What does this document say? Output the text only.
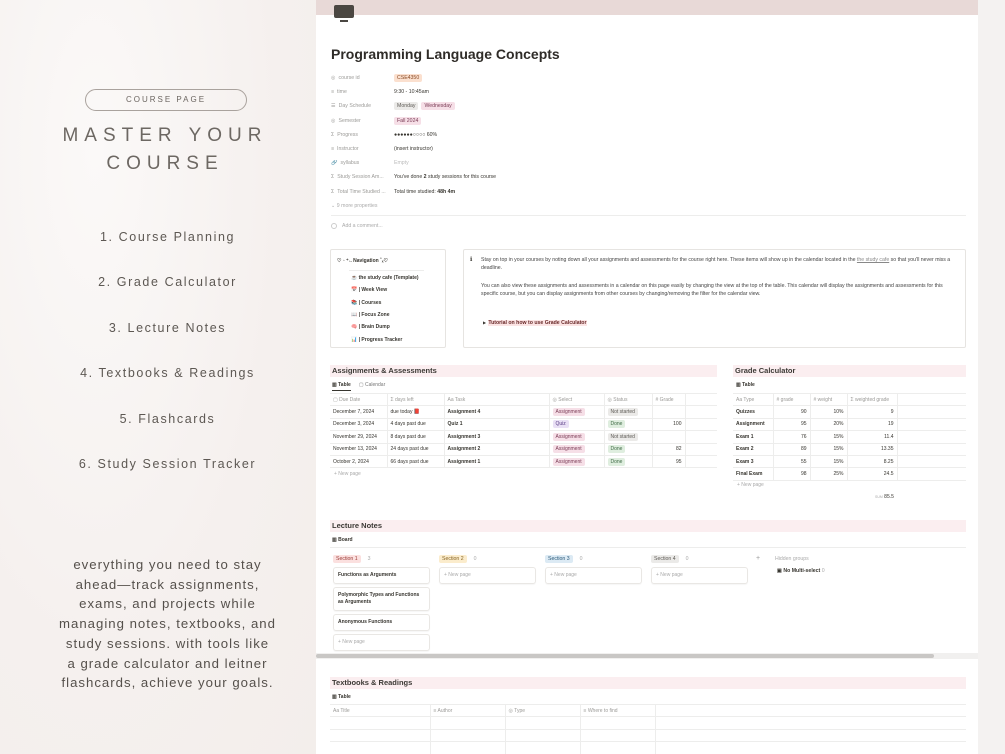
COURSE PAGE
MASTER YOUR
COURSE
1. Course Planning
2. Grade Calculator
3. Lecture Notes
4. Textbooks & Readings
5. Flashcards
6. Study Session Tracker
everything you need to stay
ahead—track assignments,
exams, and projects while
managing notes, textbooks, and
study sessions. with tools like
a grade calculator and leitner
flashcards, achieve your goals.
Programming Language Concepts
◎ course id	CSE4350
≡ time	9:30 - 10:45am
☰ Day Schedule	Monday Wednesday
◎ Semester	Fall 2024
Σ Progress	●●●●●●○○○○ 60%
≡ Instructor	(insert instructor)
🔗 syllabus	Empty
Σ Study Session Am...	You've done 2 study sessions for this course
Σ Total Time Studied ...	Total time studied: 48h 4m
⌄ 9 more properties
Add a comment...
♡ ◦ ⁺˖. Navigation ˚ₓ♡
☕ the study cafe (Template)
📅 | Week View
📚 | Courses
📖 | Focus Zone
🧠 | Brain Dump
📊 | Progress Tracker
ℹ Stay on top in your courses by noting down all your assignments and assessments for the course right here. These items will show up in the calendar located in the the study cafe so that you'll never miss a deadline.
You can also view these assignments and assessments in a calendar on this page easily by changing the view at the top of the table. This calendar will display the assignments and assessments for this specific course, but you can display assignments from other courses by changing/removing the filter for the calendar view.
▶  Tutorial on how to use Grade Calculator
Assignments & Assessments
▥ Table ▢ Calendar
▢ Due Date	Σ days left	Aa Task	◎ Select	◎ Status	# Grade	
December 7, 2024	due today 📕	Assignment 4	Assignment	Not started		
December 3, 2024	4 days past due	Quiz 1	Quiz	Done	100	
November 29, 2024	8 days past due	Assignment 3	Assignment	Not started		
November 13, 2024	24 days past due	Assignment 2	Assignment	Done	82	
October 2, 2024	66 days past due	Assignment 1	Assignment	Done	95	
+ New page
Grade Calculator
▥ Table
Aa Type	# grade	# weight	Σ weighted grade	
Quizzes	90	10%	9	
Assignment	95	20%	19	
Exam 1	76	15%	11.4	
Exam 2	89	15%	13.35	
Exam 3	55	15%	8.25	
Final Exam	98	25%	24.5	
+ New page
SUM 85.5
Lecture Notes
▥ Board
+	Hidden groups
▣ No Multi-select 0
Textbooks & Readings
▥ Table
Aa Title	≡ Author	◎ Type	≡ Where to find	

Section 1	3
Functions as Arguments
Polymorphic Types and Functions as Arguments
Anonymous Functions
+ New page
Section 2	0
+ New page
Section 3	0
+ New page
Section 4	0
+ New page
